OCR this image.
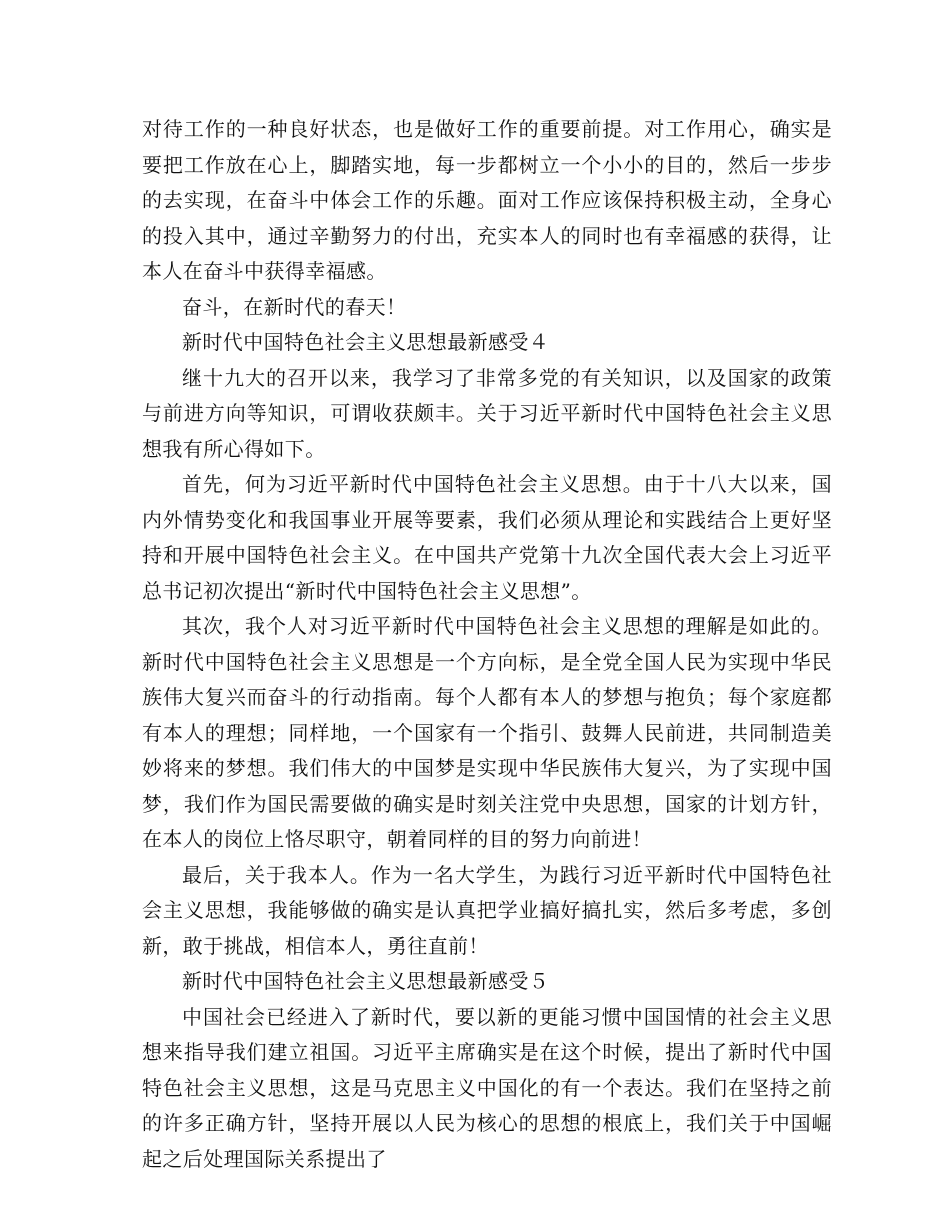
对待工作的一种良好状态，也是做好工作的重要前提。对工作用心，确实是要把工作放在心上，脚踏实地，每一步都树立一个小小的目的，然后一步步的去实现，在奋斗中体会工作的乐趣。面对工作应该保持积极主动，全身心的投入其中，通过辛勤努力的付出，充实本人的同时也有幸福感的获得，让本人在奋斗中获得幸福感。

奋斗，在新时代的春天！

新时代中国特色社会主义思想最新感受４

继十九大的召开以来，我学习了非常多党的有关知识，以及国家的政策与前进方向等知识，可谓收获颇丰。关于习近平新时代中国特色社会主义思想我有所心得如下。

首先，何为习近平新时代中国特色社会主义思想。由于十八大以来，国内外情势变化和我国事业开展等要素，我们必须从理论和实践结合上更好坚持和开展中国特色社会主义。在中国共产党第十九次全国代表大会上习近平总书记初次提出“新时代中国特色社会主义思想”。

其次，我个人对习近平新时代中国特色社会主义思想的理解是如此的。新时代中国特色社会主义思想是一个方向标，是全党全国人民为实现中华民族伟大复兴而奋斗的行动指南。每个人都有本人的梦想与抱负；每个家庭都有本人的理想；同样地，一个国家有一个指引、鼓舞人民前进，共同制造美妙将来的梦想。我们伟大的中国梦是实现中华民族伟大复兴，为了实现中国梦，我们作为国民需要做的确实是时刻关注党中央思想，国家的计划方针，在本人的岗位上恪尽职守，朝着同样的目的努力向前进！

最后，关于我本人。作为一名大学生，为践行习近平新时代中国特色社会主义思想，我能够做的确实是认真把学业搞好搞扎实，然后多考虑，多创新，敢于挑战，相信本人，勇往直前！

新时代中国特色社会主义思想最新感受５

中国社会已经进入了新时代，要以新的更能习惯中国国情的社会主义思想来指导我们建立祖国。习近平主席确实是在这个时候，提出了新时代中国特色社会主义思想，这是马克思主义中国化的有一个表达。我们在坚持之前的许多正确方针，坚持开展以人民为核心的思想的根底上，我们关于中国崛起之后处理国际关系提出了
